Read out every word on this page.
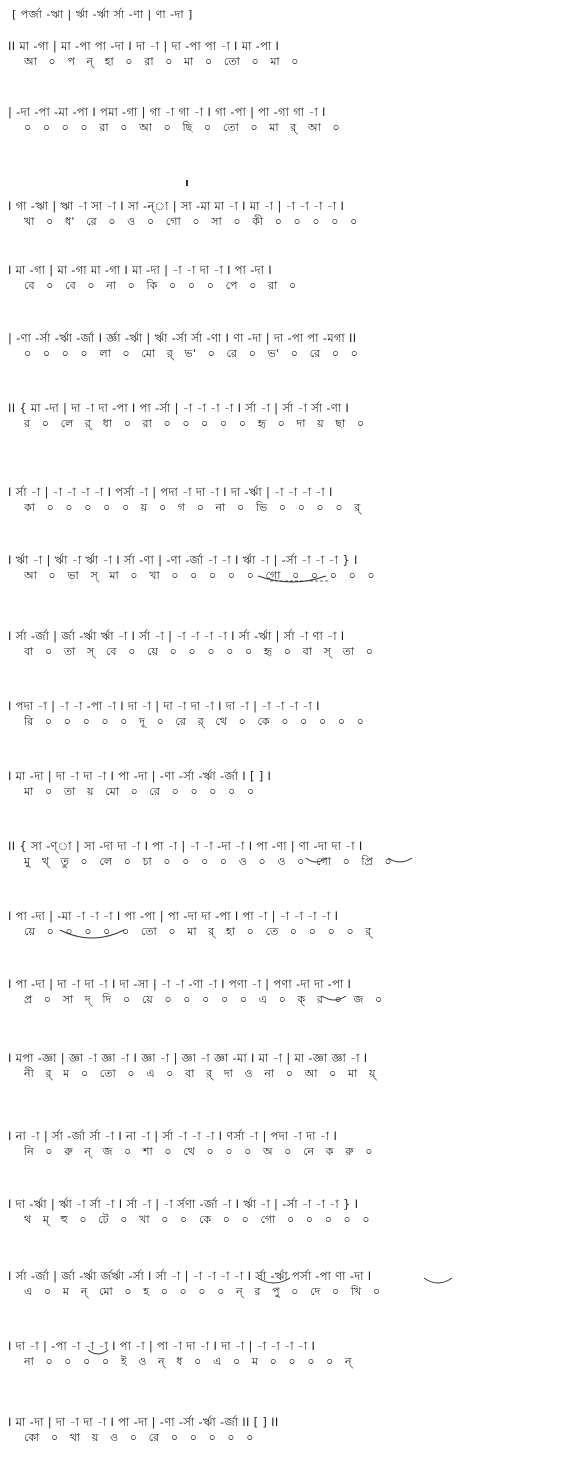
[ পর্জা -ঋা | র্ঋা -র্ঋা র্সা -ণা | ণা -দা ]
II মা -গা | মা -পা পা -দা I দা -া | দা -পা পা -া I মা -পা I
আ   ০   প   ন্   হা   ০   রা   ০   মা   ০   তো   ০   মা   ০
| -দা -পা -মা -পা I পমা -গা | গা -া গা -া I গা -পা | পা -গা গা -া I
০   ০   ০   ০   রা   ০   আ   ০   ছি   ০   তো   ০   মা   র্   আ   ০
I গা -ঋা | ঋা -া সা -া I সা -ন্া | সা -মা মা -া I মা -া | -া -া -া -া I
খা   ০   ধ'   রে   ০   ও   ০   গো   ০   সা   ০   কী   ০   ০   ০   ০   ০
I মা -গা | মা -গা মা -গা I মা -দা | -া -া দা -া I পা -দা I
বে   ০   বে   ০   না   ০   কি   ০   ০   ০   পে   ০   রা   ০
| -ণা -র্সা -র্ঋা -র্জা I র্জ্ঞা -র্ঋা | র্ঋা -র্সা র্সা -ণা I ণা -দা | দা -পা পা -মগা II
০   ০   ০   ০   লা   ০   মো   র্   ভ'   ০   রে   ০   ভ'   ০   রে   ০   ০
II { মা -দা | দা -া দা -পা I পা -র্সা | -া -া -া -া I র্সা -া | র্সা -া র্সা -ণা I
র   ০   লে   র্   ধা   ০   রা   ০   ০   ০   ০   ০   হৃ   ০   দা   য়   ছা   ০
I র্সা -া | -া -া -া -া I পর্সা -া | পদা -া দা -া I দা -র্ঋা | -া -া -া -া I
কা   ০   ০   ০   ০   ০   য়   ০   গ   ০   না   ০   ভি   ০   ০   ০   ০   র্
I র্ঋা -া | র্ঋা -া র্ঋা -া I র্সা -ণা | -ণা -র্জা -া -া I র্ঋা -া | -র্সা -া -া -া } I
আ   ০   ভা   স্   মা   ০   খা   ০   ০   ০   ০   ০   গো   ০   ০   ০   ০   ০
I র্সা -র্জা | র্জা -র্ঋা র্ঋা -া I র্সা -া | -া -া -া -া I র্সা -র্ঋা | র্সা -া ণা -া I
বা   ০   তা   স্   বে   ০   য়ে   ০   ০   ০   ০   ০   হৃ   ০   বা   স্   তা   ০
I পদা -া | -া -া -পা -া I দা -া | দা -া দা -া I দা -া | -া -া -া -া I
রি   ০   ০   ০   ০   ০   দূ   ০   রে   র্   থে   ০   কে   ০   ০   ০   ০   ০
I মা -দা | দা -া দা -া I পা -দা | -ণা -র্সা -র্ঋা -র্জা I [ ] I
মা   ০   তা   য়   মো   ০   রে   ০   ০   ০   ০   ০
II { সা -ণ্া | সা -দা দা -া I পা -া | -া -া -দা -া I পা -ণা | ণা -দা দা -া I
মু   থ্   তু   ০   লে   ০   চা   ০   ০   ০   ০   ও   ০   ও   ০   গো   ০   প্রি   ০
I পা -দা | -মা -া -া -া I পা -পা | পা -দা দা -পা I পা -া | -া -া -া -া I
য়ে   ০   ০   ০   ০   ০   তো   ০   মা   র্   হা   ০   তে   ০   ০   ০   ০   র্
I পা -দা | দা -া দা -া I দা -সা | -া -া -ণা -া I পণা -া | পণা -দা দা -পা I
প্র   ০   সা   দ্   দি   ০   য়ে   ০   ০   ০   ০   ০   এ   ০   ক্   র   ০   জ   ০
I মপা -জ্ঞা | জ্ঞা -া জ্ঞা -া I জ্ঞা -া | জ্ঞা -া জ্ঞা -মা I মা -া | মা -জ্ঞা জ্ঞা -া I
নী   র্   ম   ০   তো   ০   এ   ০   বা   র্   দা   ও   না   ০   আ   ০   মা   য়্
I না -া | র্সা -র্জা র্সা -া I না -া | র্সা -া -া -া I ণর্সা -া | পদা -া দা -া I
নি   ০   রু   ন্   জ   ০   শা   ০   থে   ০   ০   ০   অ   ০   নে   ক   রু   ০
I দা -র্ঋা | র্ঋা -া র্সা -া I র্সা -া | -া র্সণা -র্জা -া I র্ঋা -া | -র্সা -া -া -া } I
থ   ম্   হু   ০   টে   ০   খা   ০   ০   কে   ০   ০   গো   ০   ০   ০   ০   ০
I র্সা -র্জা | র্জা -র্ঋা র্জর্ঋা -র্সা I র্সা -া | -া -া -া -া I র্সা -র্ঋা পর্সা -পা ণা -দা I
এ   ০   ম   ন্   মো   ০   হ   ০   ০   ০   ০   ন্   র   পু   ০   দে   ০   খি   ০
I দা -া | -পা -া -া -া I পা -া | পা -া দা -া I দা -া | -া -া -া -া I
না   ০   ০   ০   ০   ই   ও   ন্   ধ   ০   এ   ০   ম   ০   ০   ০   ০   ন্
I মা -দা | দা -া দা -া I পা -দা | -ণা -র্সা -র্ঋা -র্জা II [ ] II
কো   ০   থা   য়   ও   ০   রে   ০   ০   ০   ০   ০
